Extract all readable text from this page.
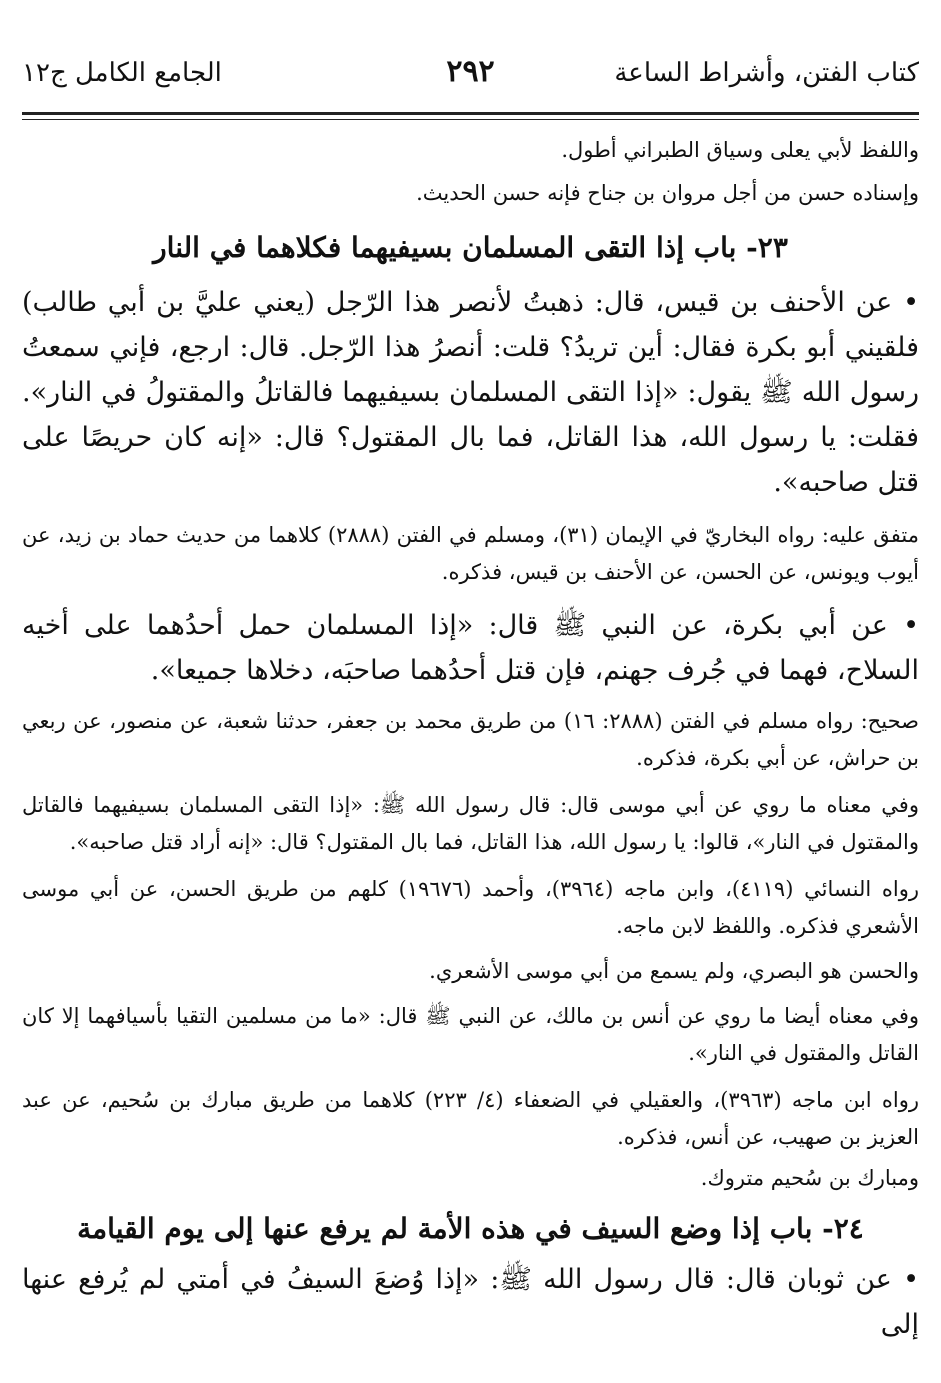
الجامع الكامل ج١٢	٢٩٢	كتاب الفتن، وأشراط الساعة

واللفظ لأبي يعلى وسياق الطبراني أطول.

وإسناده حسن من أجل مروان بن جناح فإنه حسن الحديث.

٢٣- باب إذا التقى المسلمان بسيفيهما فكلاهما في النار

• عن الأحنف بن قيس، قال: ذهبتُ لأنصر هذا الرّجل (يعني عليَّ بن أبي طالب) فلقيني أبو بكرة فقال: أين تريدُ؟ قلت: أنصرُ هذا الرّجل. قال: ارجع، فإني سمعتُ رسول الله ﷺ يقول: «إذا التقى المسلمان بسيفيهما فالقاتلُ والمقتولُ في النار». فقلت: يا رسول الله، هذا القاتل، فما بال المقتول؟ قال: «إنه كان حريصًا على قتل صاحبه».

متفق عليه: رواه البخاريّ في الإيمان (٣١)، ومسلم في الفتن (٢٨٨٨) كلاهما من حديث حماد بن زيد، عن أيوب ويونس، عن الحسن، عن الأحنف بن قيس، فذكره.

• عن أبي بكرة، عن النبي ﷺ قال: «إذا المسلمان حمل أحدُهما على أخيه السلاح، فهما في جُرف جهنم، فإن قتل أحدُهما صاحبَه، دخلاها جميعا».

صحيح: رواه مسلم في الفتن (٢٨٨٨: ١٦) من طريق محمد بن جعفر، حدثنا شعبة، عن منصور، عن ربعي بن حراش، عن أبي بكرة، فذكره.

وفي معناه ما روي عن أبي موسى قال: قال رسول الله ﷺ: «إذا التقى المسلمان بسيفيهما فالقاتل والمقتول في النار»، قالوا: يا رسول الله، هذا القاتل، فما بال المقتول؟ قال: «إنه أراد قتل صاحبه».

رواه النسائي (٤١١٩)، وابن ماجه (٣٩٦٤)، وأحمد (١٩٦٧٦) كلهم من طريق الحسن، عن أبي موسى الأشعري فذكره. واللفظ لابن ماجه.

والحسن هو البصري، ولم يسمع من أبي موسى الأشعري.

وفي معناه أيضا ما روي عن أنس بن مالك، عن النبي ﷺ قال: «ما من مسلمين التقيا بأسيافهما إلا كان القاتل والمقتول في النار».

رواه ابن ماجه (٣٩٦٣)، والعقيلي في الضعفاء (٤/ ٢٢٣) كلاهما من طريق مبارك بن سُحيم، عن عبد العزيز بن صهيب، عن أنس، فذكره.

ومبارك بن سُحيم متروك.

٢٤- باب إذا وضع السيف في هذه الأمة لم يرفع عنها إلى يوم القيامة

• عن ثوبان قال: قال رسول الله ﷺ: «إذا وُضعَ السيفُ في أمتي لم يُرفع عنها إلى
